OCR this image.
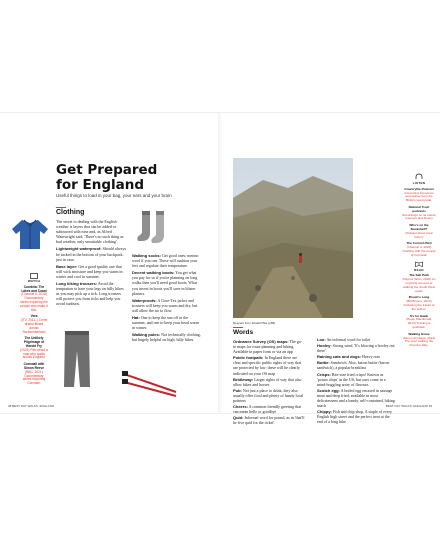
Get Prepared
for England
Useful things to load in your bag, your ears and your brain
Clothing

The secret to dealing with the English weather is layers that can be added or subtracted with ease and, as Alfred Wainwright said, 'There's no such thing as bad weather, only unsuitable clothing'.

Lightweight waterproof: Should always be tucked in the bottom of your backpack, just in case.

Base layer: Get a good quality one that will wick moisture and keep you warm in winter and cool in summer.

Long hiking trousers: Avoid the temptation to bare your legs on hilly hikes as you may pick up a tick. Long trousers will protect you from ticks and help you avoid sunburn.

Walking socks: Get good ones; merino wool if you can. These will cushion your feet and regulate their temperature.

Decent walking boots: You get what you pay for so if you're planning on long walks then you'll need good boots. What you invest in boots you'll save in blister plasters.

Waterproofs: A Gore-Tex jacket and trousers will keep you warm and dry, but still allow the air to flow.

Hat: One to keep the sun off in the summer, and one to keep your head warm in winter.

Walking poles: Not technically clothing, but hugely helpful on high, hilly hikes.

WATCH
Cumbria: The Lakes and Coast
(Channel 5, 2018) Documentary series exploring the people who make it tick.
Vera
(ITV, 2011–) Crime drama filmed across Northumberland
The Unlikely Pilgrimage of Harold Fry
(2023) Film about a man who walks across England.
Cornwall with Simon Reeve
(BBC, 2021) Documentary series exploring Cornwall.
38 BEST DAY WALKS: ENGLAND
Descent from Scafell Pike (p89)
Words

Ordnance Survey (OS) maps: The go-to maps for route planning and hiking. Available in paper form or via an app

Public footpath: In England there are clear and specific public rights of way that are protected by law; these will be clearly indicated on your OS map

Bridleway: Larger rights of way that also allow bikes and horses

Pub: Not just a place to drink, they also usually offer food and plenty of handy local pointers

Cheers: A common friendly greeting that can mean hello or goodbye

Quid: Informal word for pound, as in 'that'll be five quid for the ticket'

Loo: An informal word for toilet

Hooley: Strong wind. 'It's blowing a hooley out there'.

Raining cats and dogs: Heavy rain

Buttie: Sandwich. Also, bacon buttie (bacon sandwich), a popular breakfast

Crisps: Bite-size fried crisps! Known as 'potato chips' in the US, but ours come in a mind-boggling array of flavours

Scotch egg: A boiled egg encased in sausage meat and deep fried; available in most delicatessens and a handy, self-contained, hiking snack

Chippy: Fish and chip shop. A staple of every English high street and the perfect treat at the end of a long hike

LISTEN
Countryfile Podcast
Interesting interviews and stories from the British countryside.
National Trust podcasts
Recordings on its nature reserves and history
Who's on the Bookshelf?
Podcast about local history
The Cornish Bird
(Channel 4, 2020) Chatting with the people of Cornwall.
READ
The Salt Path
(Raynor Winn, 2018) An inspiring account of walking the South West coast.
Brown's Long
(Bill Bryson, 2014) Following the tracks of the author.
It's for Hawk
(Helen Macdonald, 2014) Training a goshawk.
Walking Home
(Simon Armitage, 2012) The poet walking the Pennine Way.
BEST DAY WALKS: ENGLAND 39
